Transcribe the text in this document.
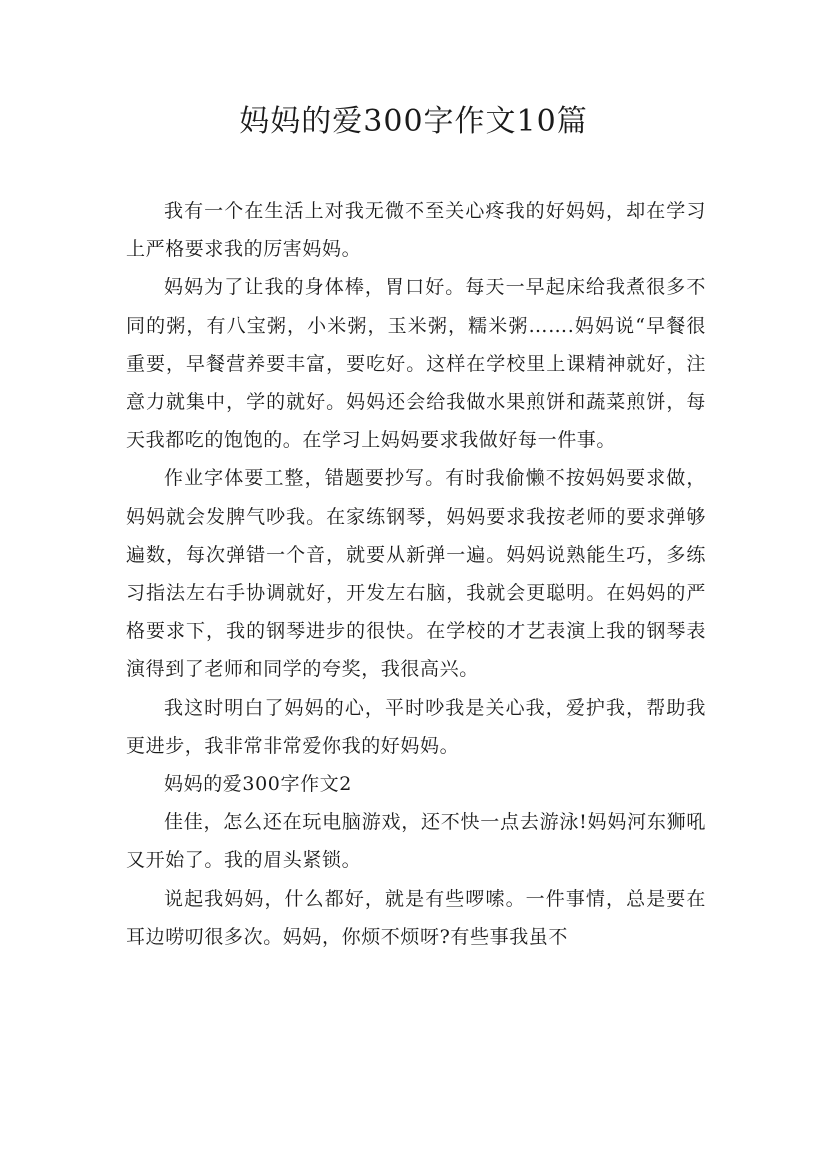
妈妈的爱300字作文10篇

我有一个在生活上对我无微不至关心疼我的好妈妈，却在学习上严格要求我的厉害妈妈。

妈妈为了让我的身体棒，胃口好。每天一早起床给我煮很多不同的粥，有八宝粥，小米粥，玉米粥，糯米粥…….妈妈说“早餐很重要，早餐营养要丰富，要吃好。这样在学校里上课精神就好，注意力就集中，学的就好。妈妈还会给我做水果煎饼和蔬菜煎饼，每天我都吃的饱饱的。在学习上妈妈要求我做好每一件事。

作业字体要工整，错题要抄写。有时我偷懒不按妈妈要求做，妈妈就会发脾气吵我。在家练钢琴，妈妈要求我按老师的要求弹够遍数，每次弹错一个音，就要从新弹一遍。妈妈说熟能生巧，多练习指法左右手协调就好，开发左右脑，我就会更聪明。在妈妈的严格要求下，我的钢琴进步的很快。在学校的才艺表演上我的钢琴表演得到了老师和同学的夸奖，我很高兴。

我这时明白了妈妈的心，平时吵我是关心我，爱护我，帮助我更进步，我非常非常爱你我的好妈妈。

妈妈的爱300字作文2

佳佳，怎么还在玩电脑游戏，还不快一点去游泳!妈妈河东狮吼又开始了。我的眉头紧锁。

说起我妈妈，什么都好，就是有些啰嗦。一件事情，总是要在耳边唠叨很多次。妈妈，你烦不烦呀?有些事我虽不
